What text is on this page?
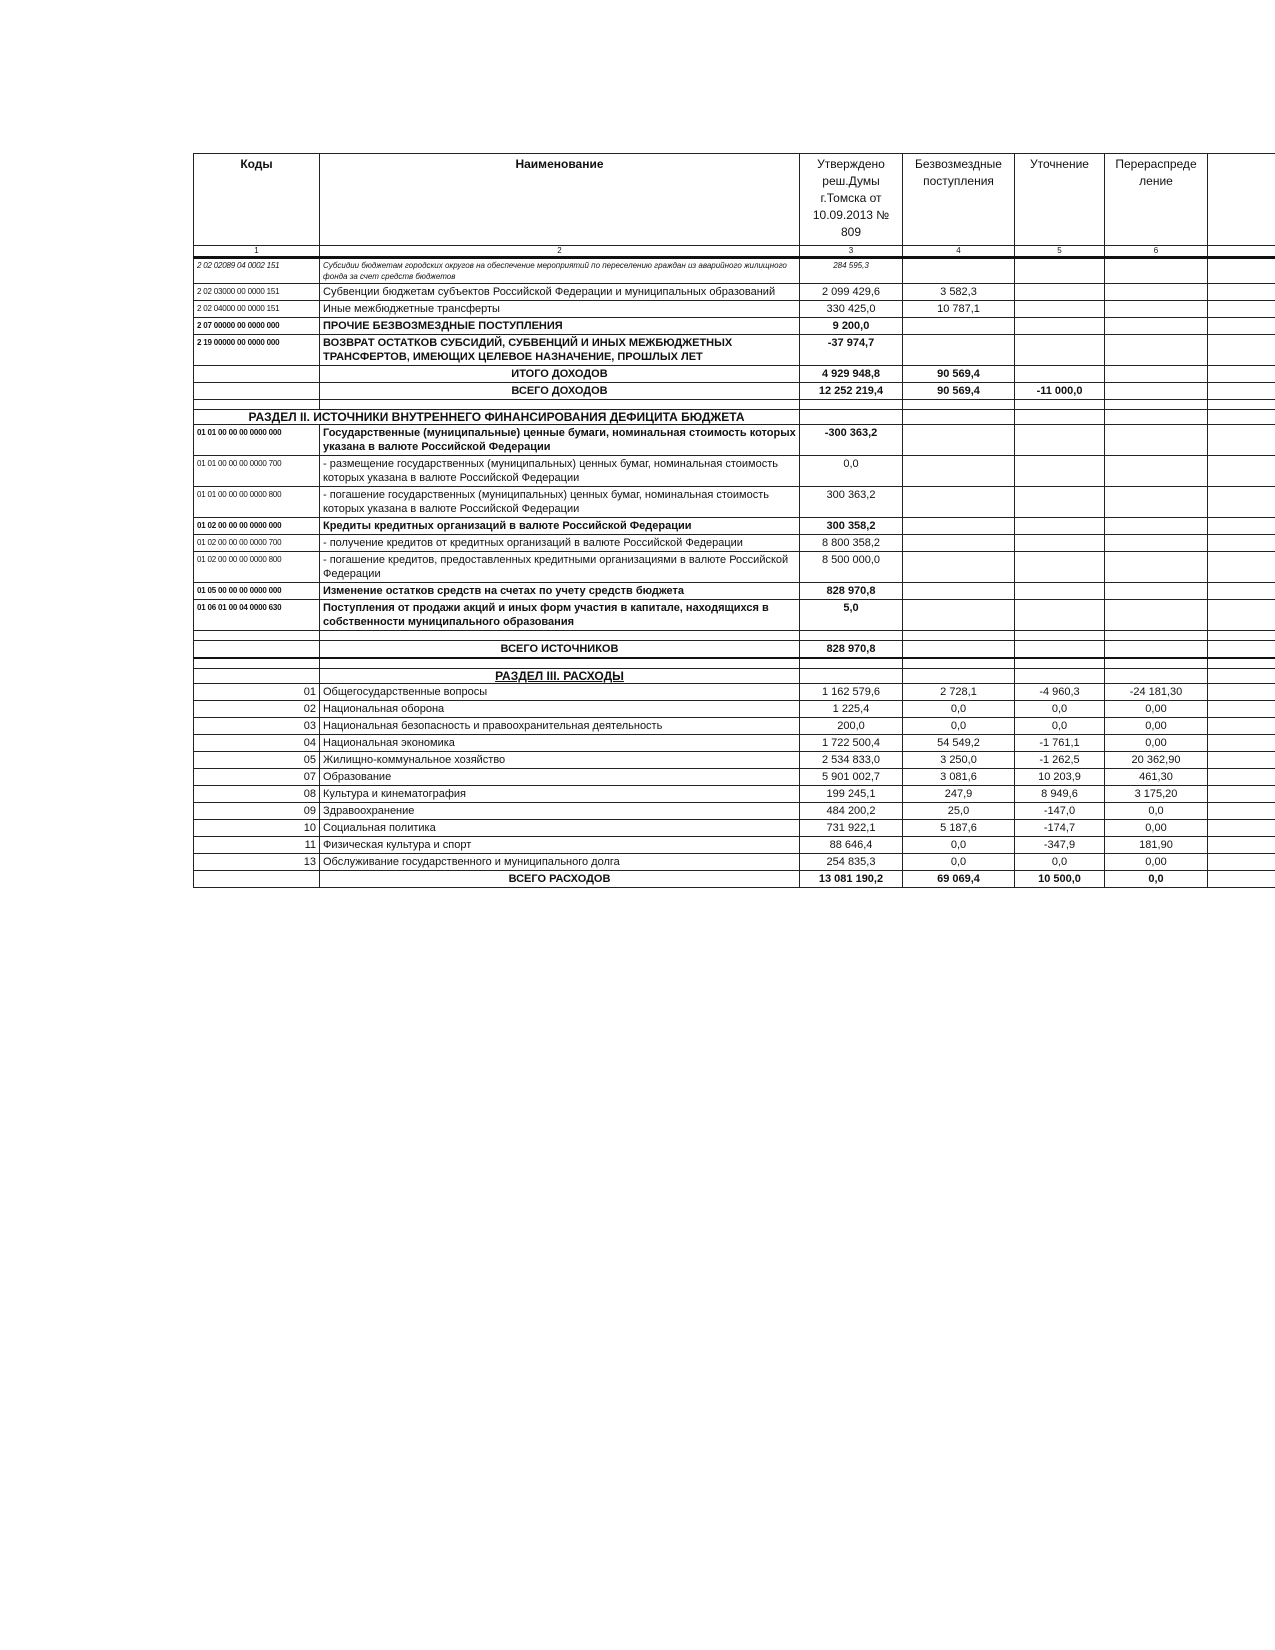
Коды	Наименование	Утверждено реш.Думы г.Томска от 10.09.2013 № 809	Безвозмездные поступления	Уточнение	Перераспреде ление	
1	2	3	4	5	6	
2 02 02089 04 0002 151	Субсидии бюджетам городских округов на обеспечение мероприятий по переселению граждан из аварийного жилищного фонда за счет средств бюджетов	284 595,3				
2 02 03000 00 0000 151	Субвенции бюджетам субъектов Российской Федерации и муниципальных образований	2 099 429,6	3 582,3			
2 02 04000 00 0000 151	Иные межбюджетные трансферты	330 425,0	10 787,1			
2 07 00000 00 0000 000	ПРОЧИЕ БЕЗВОЗМЕЗДНЫЕ ПОСТУПЛЕНИЯ	9 200,0				
2 19 00000 00 0000 000	ВОЗВРАТ ОСТАТКОВ СУБСИДИЙ, СУБВЕНЦИЙ И ИНЫХ МЕЖБЮДЖЕТНЫХ ТРАНСФЕРТОВ, ИМЕЮЩИХ ЦЕЛЕВОЕ НАЗНАЧЕНИЕ, ПРОШЛЫХ ЛЕТ	-37 974,7				
	ИТОГО ДОХОДОВ	4 929 948,8	90 569,4			
	ВСЕГО ДОХОДОВ	12 252 219,4	90 569,4	-11 000,0		

РАЗДЕЛ II. ИСТОЧНИКИ ВНУТРЕННЕГО ФИНАНСИРОВАНИЯ ДЕФИЦИТА БЮДЖЕТА						
01 01 00 00 00 0000 000	Государственные (муниципальные) ценные бумаги, номинальная стоимость которых указана в валюте Российской Федерации	-300 363,2				
01 01 00 00 00 0000 700	- размещение государственных (муниципальных) ценных бумаг, номинальная стоимость которых указана в валюте Российской Федерации	0,0				
01 01 00 00 00 0000 800	- погашение государственных (муниципальных) ценных бумаг, номинальная стоимость которых указана в валюте Российской Федерации	300 363,2				
01 02 00 00 00 0000 000	Кредиты кредитных организаций в валюте Российской Федерации	300 358,2				
01 02 00 00 00 0000 700	- получение кредитов от кредитных организаций в валюте Российской Федерации	8 800 358,2				
01 02 00 00 00 0000 800	- погашение кредитов, предоставленных кредитными организациями в валюте Российской Федерации	8 500 000,0				
01 05 00 00 00 0000 000	Изменение остатков средств на счетах по учету средств бюджета	828 970,8				
01 06 01 00 04 0000 630	Поступления от продажи акций и иных форм участия в капитале, находящихся в собственности муниципального образования	5,0				

	ВСЕГО ИСТОЧНИКОВ	828 970,8				

	РАЗДЕЛ III. РАСХОДЫ					
01	Общегосударственные вопросы	1 162 579,6	2 728,1	-4 960,3	-24 181,30	
02	Национальная оборона	1 225,4	0,0	0,0	0,00	
03	Национальная безопасность и правоохранительная деятельность	200,0	0,0	0,0	0,00	
04	Национальная экономика	1 722 500,4	54 549,2	-1 761,1	0,00	
05	Жилищно-коммунальное хозяйство	2 534 833,0	3 250,0	-1 262,5	20 362,90	
07	Образование	5 901 002,7	3 081,6	10 203,9	461,30	
08	Культура и кинематография	199 245,1	247,9	8 949,6	3 175,20	
09	Здравоохранение	484 200,2	25,0	-147,0	0,0	
10	Социальная политика	731 922,1	5 187,6	-174,7	0,00	
11	Физическая культура и спорт	88 646,4	0,0	-347,9	181,90	
13	Обслуживание государственного и муниципального долга	254 835,3	0,0	0,0	0,00	
	ВСЕГО РАСХОДОВ	13 081 190,2	69 069,4	10 500,0	0,0	
